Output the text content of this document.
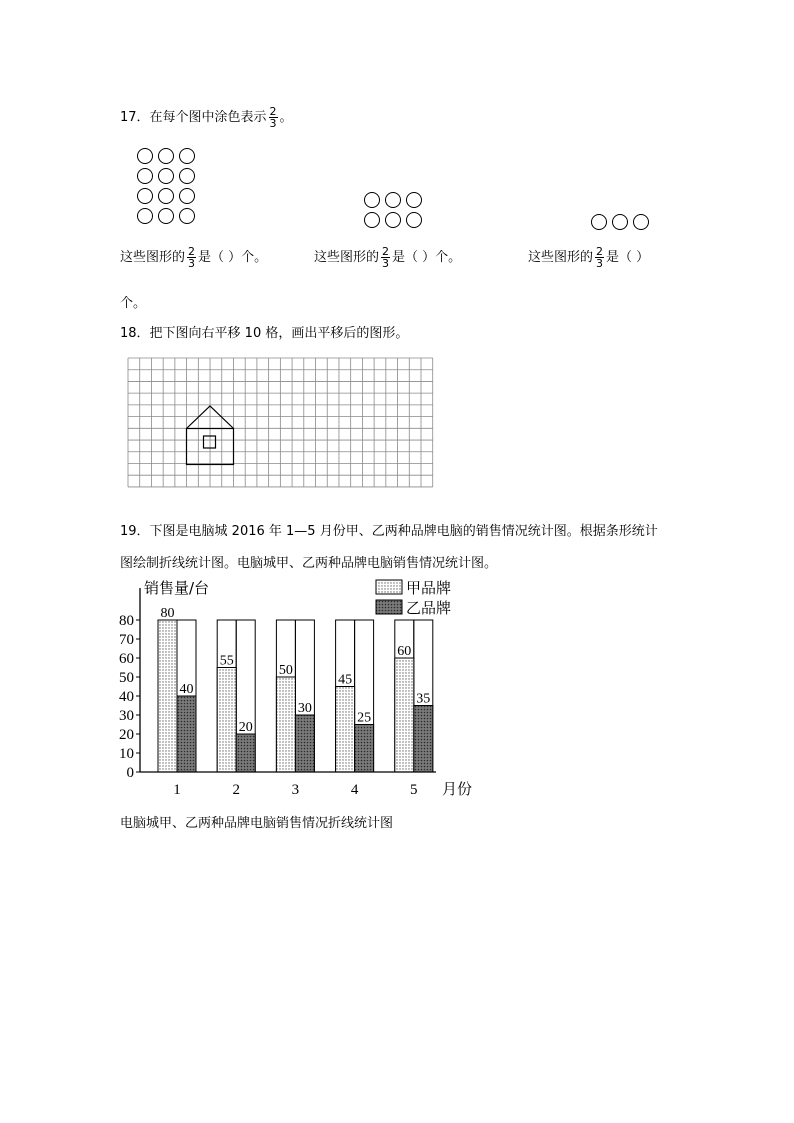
17．在每个图中涂色表示 $\frac{2}{3}$ 。
这些图形的 $\frac{2}{3}$ 是（ ）个。	这些图形的 $\frac{2}{3}$ 是（ ）个。	这些图形的 $\frac{2}{3}$ 是（ ）
个。
18．把下图向右平移 10 格，画出平移后的图形。
19．下图是电脑城 2016 年 1—5 月份甲、乙两种品牌电脑的销售情况统计图。根据条形统计
图绘制折线统计图。电脑城甲、乙两种品牌电脑销售情况统计图。
80
55
50
45
60
40
20
30
25
35
0
10
20
30
40
50
60
70
80
1	2	3	4	5
销售量/台
月份
甲品牌
乙品牌
电脑城甲、乙两种品牌电脑销售情况折线统计图
